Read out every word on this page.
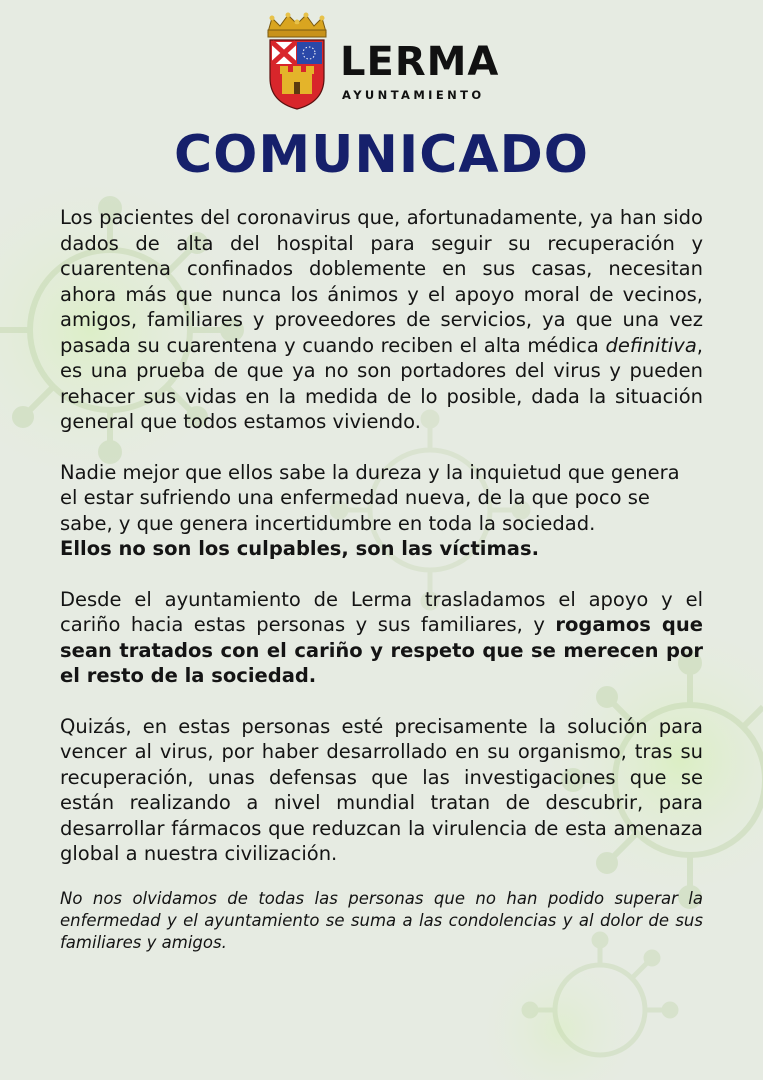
LERMA
AYUNTAMIENTO
COMUNICADO

Los pacientes del coronavirus que, afortunadamente, ya han sido dados de alta del hospital para seguir su recuperación y cuarentena confinados doblemente en sus casas, necesitan ahora más que nunca los ánimos y el apoyo moral de vecinos, amigos, familiares y proveedores de servicios, ya que una vez pasada su cuarentena y cuando reciben el alta médica definitiva, es una prueba de que ya no son portadores del virus y pueden rehacer sus vidas en la medida de lo posible, dada la situación general que todos estamos viviendo.

Nadie mejor que ellos sabe la dureza y la inquietud que genera el estar sufriendo una enfermedad nueva, de la que poco se sabe, y que genera incertidumbre en toda la sociedad.
Ellos no son los culpables, son las víctimas.

Desde el ayuntamiento de Lerma trasladamos el apoyo y el cariño hacia estas personas y sus familiares, y rogamos que sean tratados con el cariño y respeto que se merecen por el resto de la sociedad.

Quizás, en estas personas esté precisamente la solución para vencer al virus, por haber desarrollado en su organismo, tras su recuperación, unas defensas que las investigaciones que se están realizando a nivel mundial tratan de descubrir, para desarrollar fármacos que reduzcan la virulencia de esta amenaza global a nuestra civilización.

No nos olvidamos de todas las personas que no han podido superar la enfermedad y el ayuntamiento se suma a las condolencias y al dolor de sus familiares y amigos.
